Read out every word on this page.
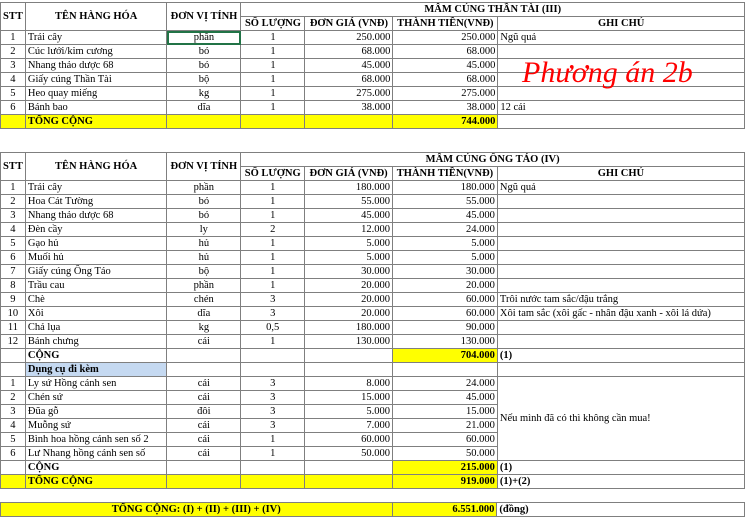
STT	TÊN HÀNG HÓA	ĐƠN VỊ TÍNH	MÂM CÚNG THẦN TÀI (III)			
			SỐ LƯỢNG	ĐƠN GIÁ (VNĐ)	THÀNH TIỀN(VNĐ)	GHI CHÚ
1	Trái cây	phần	1	250.000	250.000	Ngũ quả
2	Cúc lưới/kim cương	bó	1	68.000	68.000	
3	Nhang thảo dược 68	bó	1	45.000	45.000	
4	Giấy cúng Thần Tài	bộ	1	68.000	68.000	
5	Heo quay miếng	kg	1	275.000	275.000	
6	Bánh bao	dĩa	1	38.000	38.000	12 cái
	TỔNG CỘNG				744.000	
Phương án 2b
STT	TÊN HÀNG HÓA	ĐƠN VỊ TÍNH	MÂM CÚNG ÔNG TÁO (IV)			
			SỐ LƯỢNG	ĐƠN GIÁ (VNĐ)	THÀNH TIỀN(VNĐ)	GHI CHÚ
1	Trái cây	phần	1	180.000	180.000	Ngũ quả
2	Hoa Cát Tường	bó	1	55.000	55.000	
3	Nhang thảo dược 68	bó	1	45.000	45.000	
4	Đèn cầy	ly	2	12.000	24.000	
5	Gạo hủ	hủ	1	5.000	5.000	
6	Muối hủ	hủ	1	5.000	5.000	
7	Giấy cúng Ông Táo	bộ	1	30.000	30.000	
8	Trầu cau	phần	1	20.000	20.000	
9	Chè	chén	3	20.000	60.000	Trôi nước tam sắc/đậu trắng
10	Xôi	dĩa	3	20.000	60.000	Xôi tam sắc (xôi gấc - nhân đậu xanh - xôi lá dứa)
11	Chả lụa	kg	0,5	180.000	90.000	
12	Bánh chưng	cái	1	130.000	130.000	
	CỘNG				704.000	(1)
	Dụng cụ đi kèm					
1	Ly sứ Hồng cánh sen	cái	3	8.000	24.000	Nếu mình đã có thì không cần mua!
2	Chén sứ	cái	3	15.000	45.000	
3	Đũa gỗ	đôi	3	5.000	15.000	
4	Muỗng sứ	cái	3	7.000	21.000	
5	Bình hoa hồng cánh sen số 2	cái	1	60.000	60.000	
6	Lư Nhang hồng cánh sen số	cái	1	50.000	50.000	
	CỘNG				215.000	(1)
	TỔNG CỘNG				919.000	(1)+(2)
TỔNG CỘNG: (I) + (II) + (III) + (IV)	6.551.000	(đồng)
